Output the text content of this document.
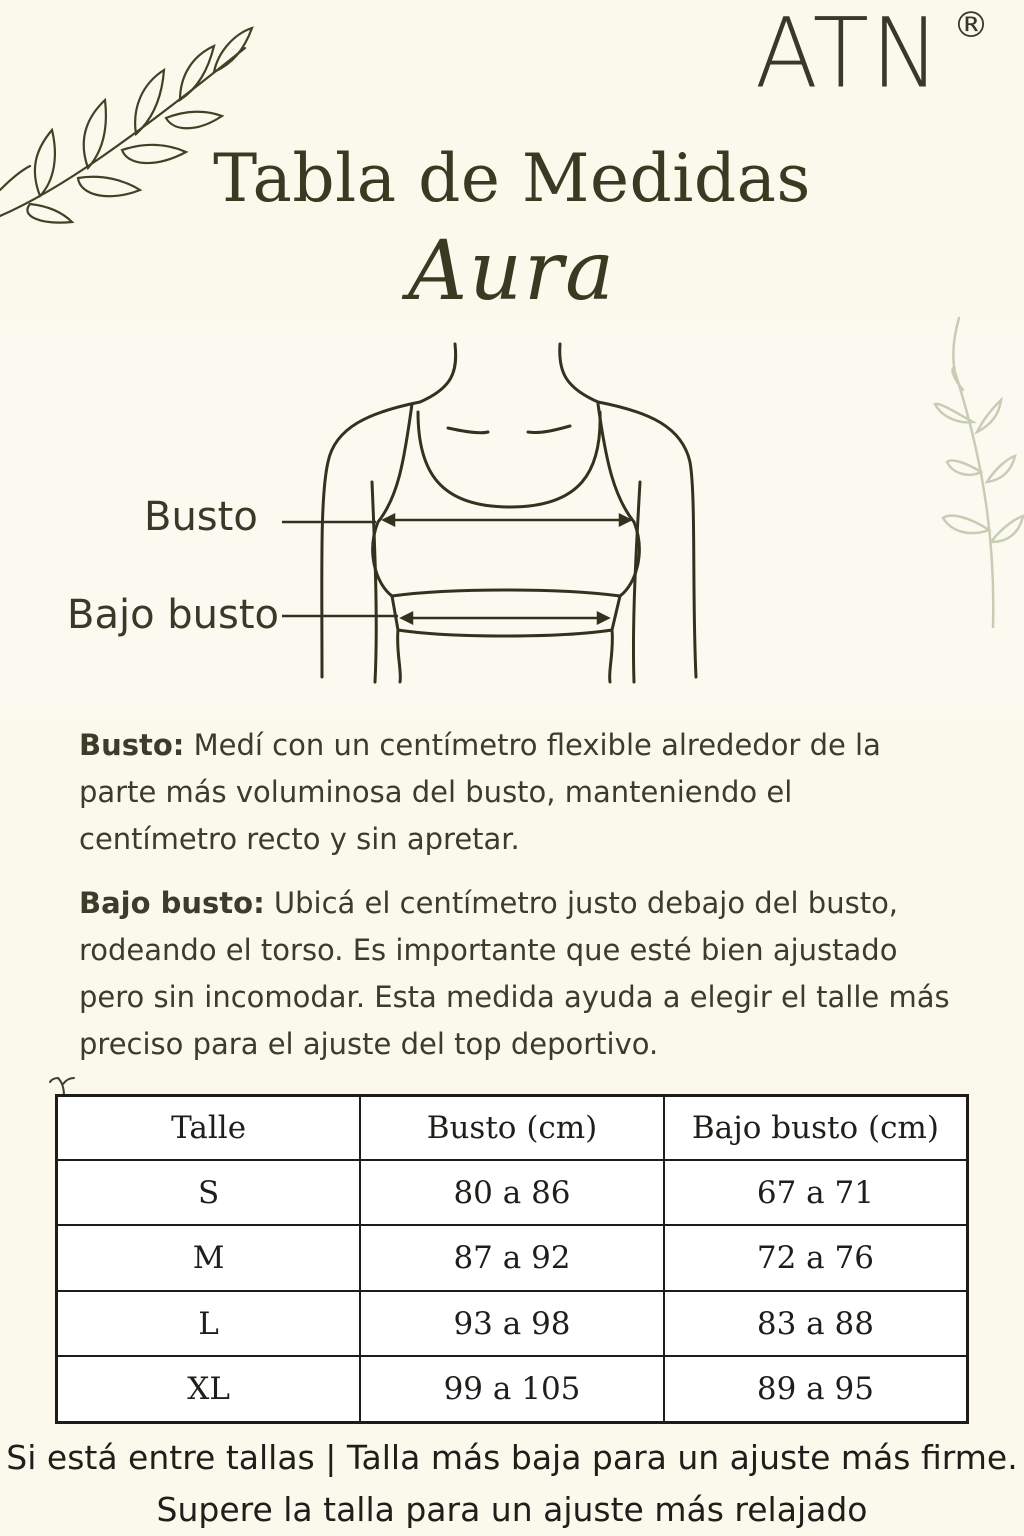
ATN ®
Tabla de Medidas
Aura
Busto
Bajo busto
Busto: Medí con un centímetro flexible alrededor de la parte más voluminosa del busto, manteniendo el centímetro recto y sin apretar.
Bajo busto: Ubicá el centímetro justo debajo del busto, rodeando el torso. Es importante que esté bien ajustado pero sin incomodar. Esta medida ayuda a elegir el talle más preciso para el ajuste del top deportivo.
Talle	Busto (cm)	Bajo busto (cm)
S	80 a 86	67 a 71
M	87 a 92	72 a 76
L	93 a 98	83 a 88
XL	99 a 105	89 a 95
Si está entre tallas | Talla más baja para un ajuste más firme. Supere la talla para un ajuste más relajado
